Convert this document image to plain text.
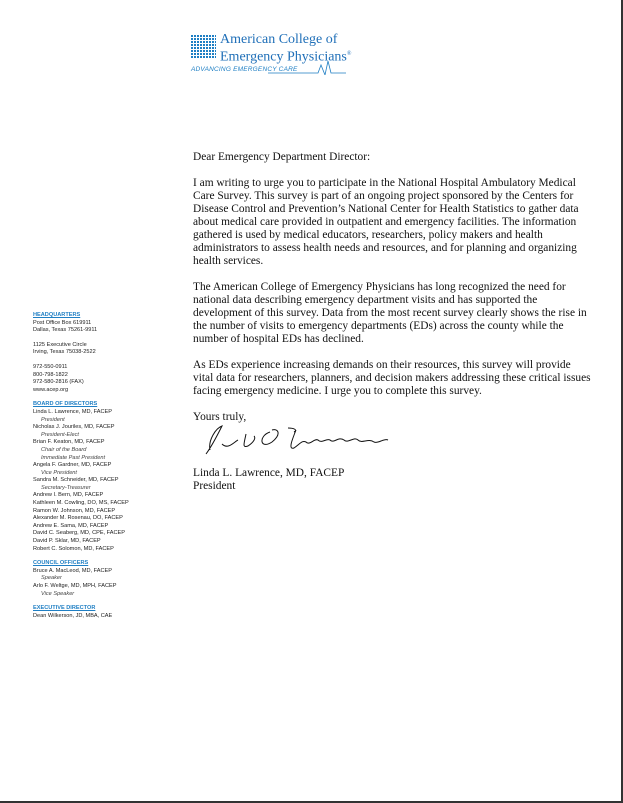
American College of
Emergency Physicians®
ADVANCING EMERGENCY CARE

Dear Emergency Department Director:

I am writing to urge you to participate in the National Hospital Ambulatory Medical
Care Survey. This survey is part of an ongoing project sponsored by the Centers for
Disease Control and Prevention’s National Center for Health Statistics to gather data
about medical care provided in outpatient and emergency facilities. The information
gathered is used by medical educators, researchers, policy makers and health
administrators to assess health needs and resources, and for planning and organizing
health services.

The American College of Emergency Physicians has long recognized the need for
national data describing emergency department visits and has supported the
development of this survey. Data from the most recent survey clearly shows the rise in
the number of visits to emergency departments (EDs) across the county while the
number of hospital EDs has declined.

As EDs experience increasing demands on their resources, this survey will provide
vital data for researchers, planners, and decision makers addressing these critical issues
facing emergency medicine. I urge you to complete this survey.

Yours truly,

Linda L. Lawrence, MD, FACEP
President
HEADQUARTERS
Post Office Box 619911
Dallas, Texas 75261-9911
1125 Executive Circle
Irving, Texas 75038-2522
972-550-0911
800-798-1822
972-580-2816 (FAX)
www.acep.org
BOARD OF DIRECTORS
Linda L. Lawrence, MD, FACEP
President
Nicholas J. Jouriles, MD, FACEP
President-Elect
Brian F. Keaton, MD, FACEP
Chair of the Board
Immediate Past President
Angela F. Gardner, MD, FACEP
Vice President
Sandra M. Schneider, MD, FACEP
Secretary-Treasurer
Andrew I. Bern, MD, FACEP
Kathleen M. Cowling, DO, MS, FACEP
Ramon W. Johnson, MD, FACEP
Alexander M. Rosenau, DO, FACEP
Andrew E. Sama, MD, FACEP
David C. Seaberg, MD, CPE, FACEP
David P. Sklar, MD, FACEP
Robert C. Solomon, MD, FACEP
COUNCIL OFFICERS
Bruce A. MacLeod, MD, FACEP
Speaker
Arlo F. Weltge, MD, MPH, FACEP
Vice Speaker
EXECUTIVE DIRECTOR
Dean Wilkerson, JD, MBA, CAE
